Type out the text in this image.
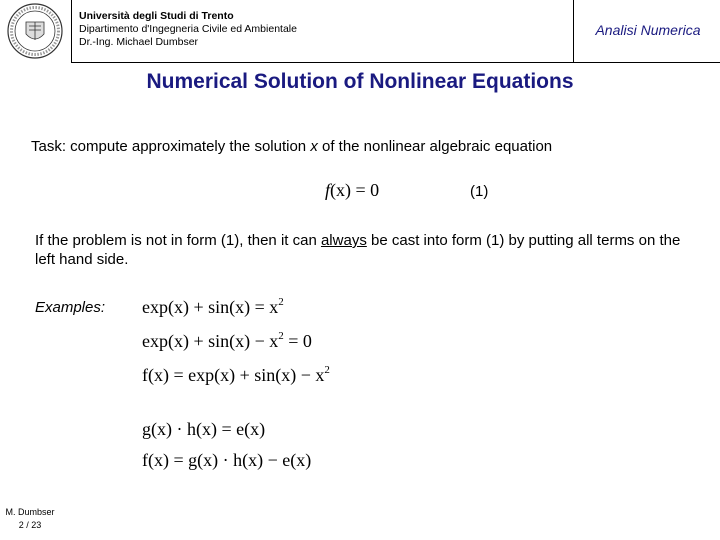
Università degli Studi di Trento
Dipartimento d'Ingegneria Civile ed Ambientale
Dr.-Ing. Michael Dumbser
Analisi Numerica
Numerical Solution of Nonlinear Equations
Task: compute approximately the solution x of the nonlinear algebraic equation
f(x) = 0	(1)
If the problem is not in form (1), then it can always be cast into form (1) by putting all terms on the left hand side.
Examples: $\exp(x) + \sin(x) = x^2$
$\exp(x) + \sin(x) - x^2 = 0$
$f(x) = \exp(x) + \sin(x) - x^2$
g(x) · h(x) = e(x)
f(x) = g(x) · h(x) − e(x)
M. Dumbser
2 / 23
